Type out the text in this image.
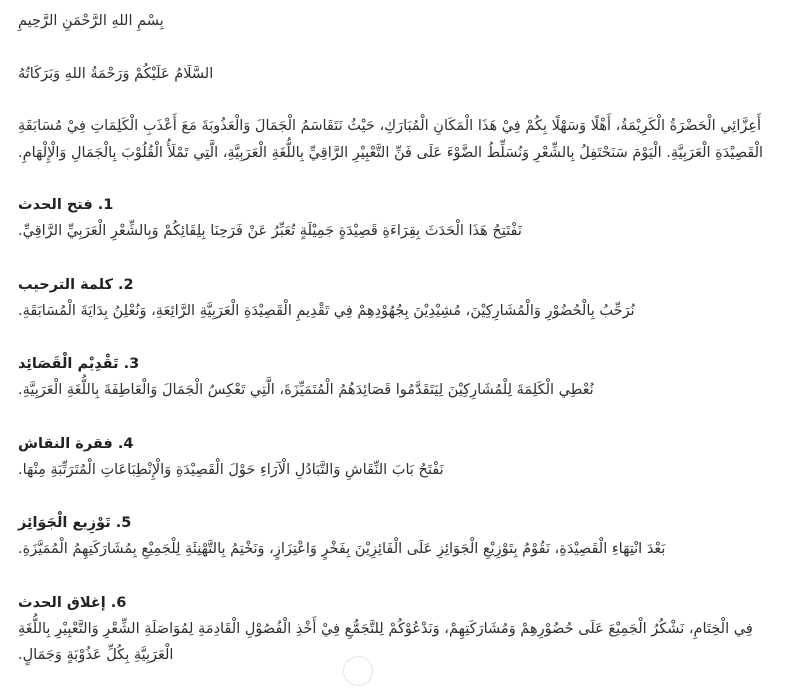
بِسْمِ اللهِ الرَّحْمَنِ الرَّحِيمِ

السَّلَامُ عَلَيْكُمْ وَرَحْمَةُ اللهِ وَبَرَكَاتُهُ

أَعِزَّائِي الْحَضْرَةُ الْكَرِيْمَةُ، أَهْلًا وَسَهْلًا بِكُمْ فِيْ هَذَا الْمَكَانِ الْمُبَارَكِ، حَيْثُ نَتَقَاسَمُ الْجَمَالَ وَالْعَذُوبَةَ مَعَ أَعْذَبِ الْكَلِمَاتِ فِيْ مُسَابَقَةِ الْقَصِيْدَةِ الْعَرَبِيَّةِ. الْيَوْمَ سَنَحْتَفِلُ بِالشِّعْرِ وَنُسَلِّطُ الضَّوْءَ عَلَى فَنِّ التَّعْبِيْرِ الرَّاقِيِّ بِاللُّغَةِ الْعَرَبِيَّةِ، الَّتِي تَمْلَأُ الْقُلُوْبَ بِالْجَمَالِ وَالْإِلْهَامِ.

1. فتح الحدث

نَفْتَتِحُ هَذَا الْحَدَثَ بِقِرَاءَةِ قَصِيْدَةٍ جَمِيْلَةٍ تُعَبِّرُ عَنْ فَرَحِنَا بِلِقَائِكُمْ وَبِالشِّعْرِ الْعَرَبِيِّ الرَّاقِيِّ.

2. كلمة الترحيب

نُرَحِّبُ بِالْحُضُوْرِ وَالْمُشَارِكِيْنَ، مُشِيْدِيْنَ بِجُهُوْدِهِمْ فِي تَقْدِيمِ الْقَصِيْدَةِ الْعَرَبِيَّةِ الرَّائِعَةِ، وَنُعْلِنُ بِدَايَةَ الْمُسَابَقَةِ.

3. تَقْدِيْم الْقَصَائِد

نُعْطِي الْكَلِمَةَ لِلْمُشَارِكِيْنَ لِيَتَقَدَّمُوا قَصَائِدَهُمُ الْمُتَمَيِّزَةَ، الَّتِي تَعْكِسُ الْجَمَالَ وَالْعَاطِفَةَ بِاللُّغَةِ الْعَرَبِيَّةِ.

4. فقرة النقاش

نَفْتَحُ بَابَ النِّقَاشِ وَالتَّبَادُلِ الْآرَاءِ حَوْلَ الْقَصِيْدَةِ وَالْإِنْطِبَاعَاتِ الْمُتَرَتِّبَةِ مِنْهَا.

5. تَوْزِيع الْجَوَائِز

بَعْدَ انْتِهَاءِ الْقَصِيْدَةِ، نَقُوْمُ بِتَوْزِيْعِ الْجَوَائِزِ عَلَى الْفَائِزِيْنَ بِفَخْرٍ وَاعْتِزَازٍ، وَنَخْتِمُ بِالتَّهْنِئَةِ لِلْجَمِيْعِ بِمُشَارَكَتِهِمُ الْمُمَيَّزَةِ.

6. إغلاق الحدث

فِي الْخِتَامِ، نَشْكُرُ الْجَمِيْعَ عَلَى حُضُوْرِهِمْ وَمُشَارَكَتِهِمْ، وَنَدْعُوْكُمْ لِلتَّجَمُّعِ فِيْ أَخْذِ الْفُصُوْلِ الْقَادِمَةِ لِمُوَاصَلَةِ الشِّعْرِ وَالتَّعْبِيْرِ بِاللُّغَةِ الْعَرَبِيَّةِ بِكُلِّ عَذُوْبَةٍ وَجَمَالٍ.
